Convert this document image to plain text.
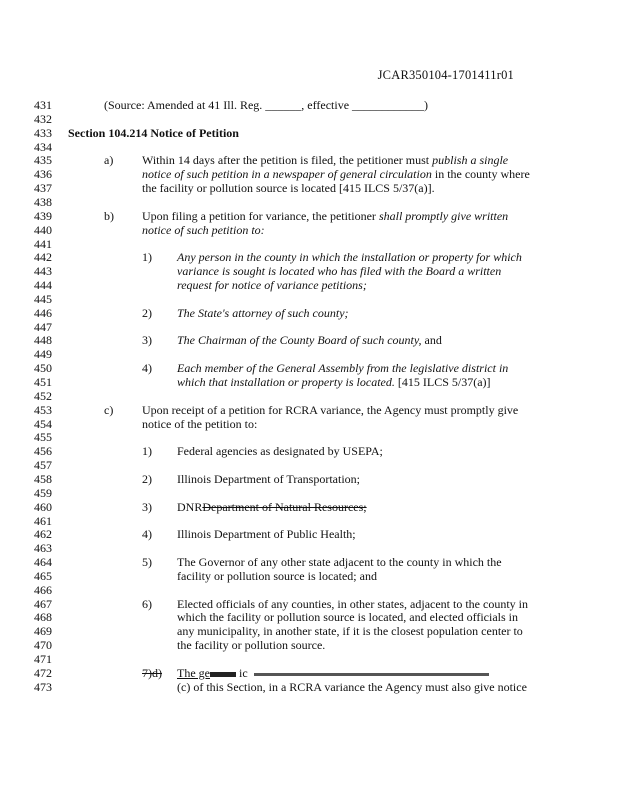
JCAR350104-1701411r01
431	(Source: Amended at 41 Ill. Reg. ______, effective ____________)
432
433	Section 104.214 Notice of Petition
434
435	a) Within 14 days after the petition is filed, the petitioner must publish a single
436	notice of such petition in a newspaper of general circulation in the county where
437	the facility or pollution source is located [415 ILCS 5/37(a)].
438
439	b) Upon filing a petition for variance, the petitioner shall promptly give written
440	notice of such petition to:
441
442	1) Any person in the county in which the installation or property for which
443	variance is sought is located who has filed with the Board a written
444	request for notice of variance petitions;
445
446	2) The State's attorney of such county;
447
448	3) The Chairman of the County Board of such county, and
449
450	4) Each member of the General Assembly from the legislative district in
451	which that installation or property is located. [415 ILCS 5/37(a)]
452
453	c) Upon receipt of a petition for RCRA variance, the Agency must promptly give
454	notice of the petition to:
455
456	1) Federal agencies as designated by USEPA;
457
458	2) Illinois Department of Transportation;
459
460	3) DNRDepartment of Natural Resources;
461
462	4) Illinois Department of Public Health;
463
464	5) The Governor of any other state adjacent to the county in which the
465	facility or pollution source is located; and
466
467	6) Elected officials of any counties, in other states, adjacent to the county in
468	which the facility or pollution source is located, and elected officials in
469	any municipality, in another state, if it is the closest population center to
470	the facility or pollution source.
471
472	7)d) The ge ic
473	(c) of this Section, in a RCRA variance the Agency must also give notice
